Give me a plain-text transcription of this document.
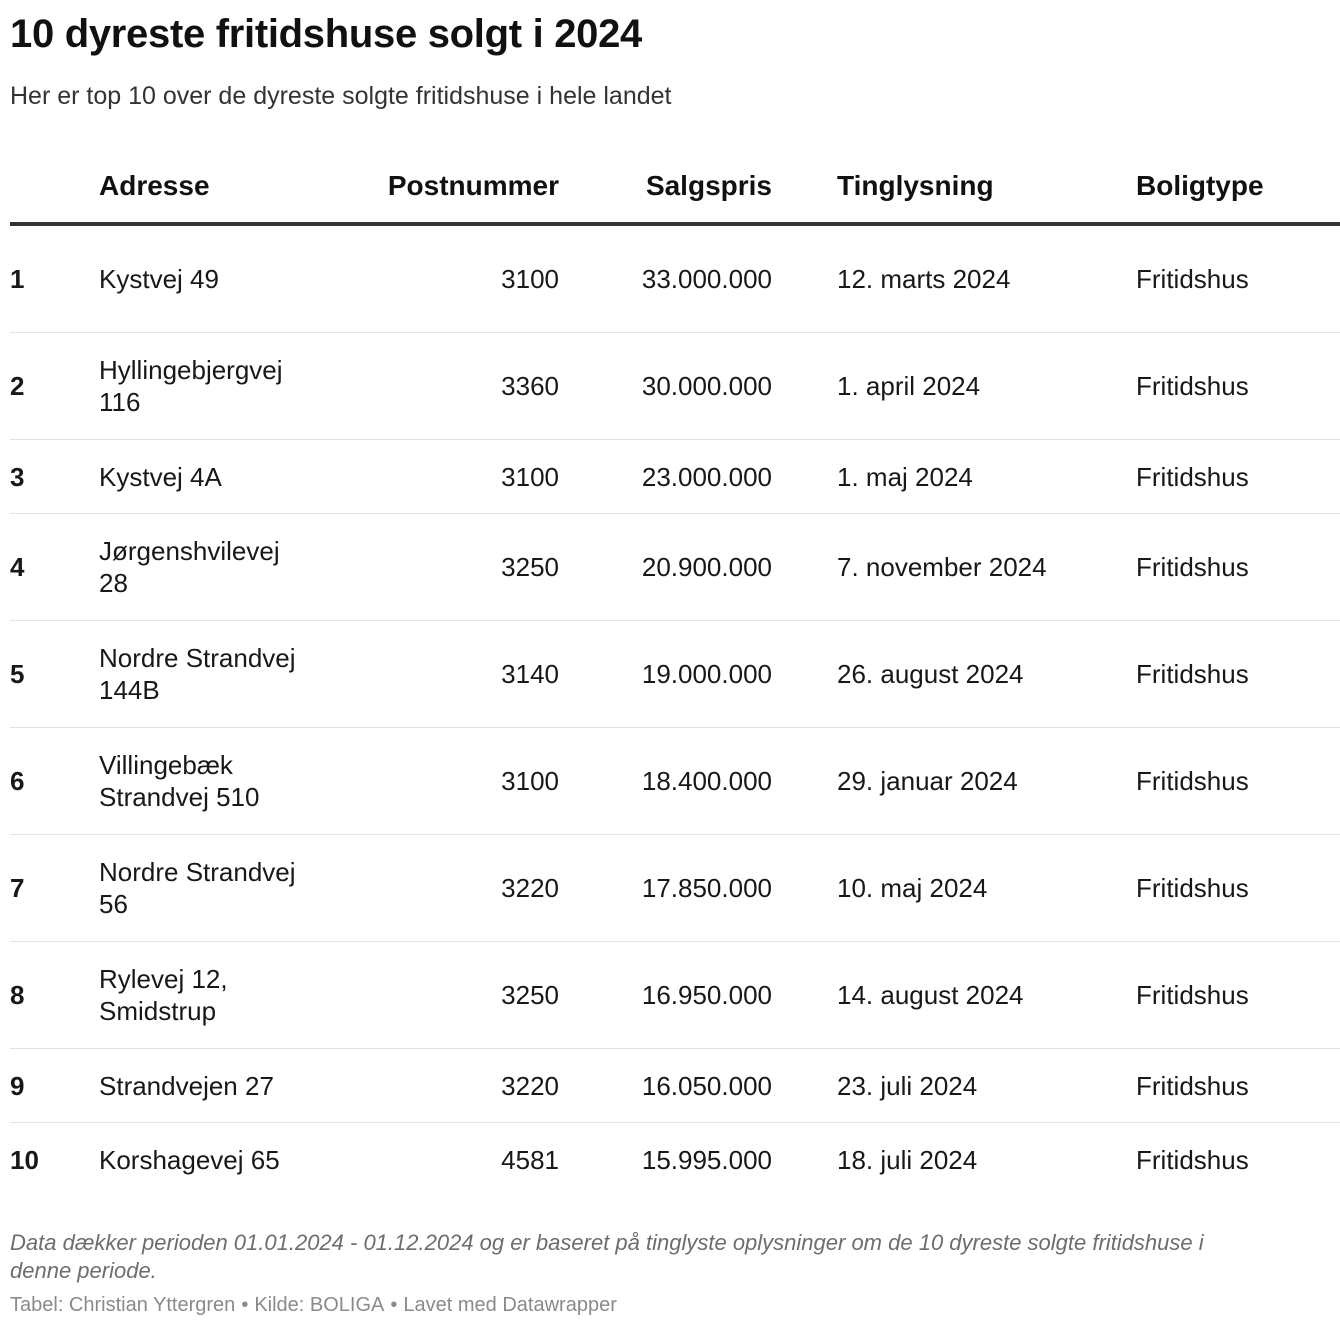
10 dyreste fritidshuse solgt i 2024

Her er top 10 over de dyreste solgte fritidshuse i hele landet

	Adresse	Postnummer	Salgspris	Tinglysning	Boligtype
1	Kystvej 49	3100	33.000.000	12. marts 2024	Fritidshus
2	Hyllingebjergvej 116	3360	30.000.000	1. april 2024	Fritidshus
3	Kystvej 4A	3100	23.000.000	1. maj 2024	Fritidshus
4	Jørgenshvilevej 28	3250	20.900.000	7. november 2024	Fritidshus
5	Nordre Strandvej 144B	3140	19.000.000	26. august 2024	Fritidshus
6	Villingebæk Strandvej 510	3100	18.400.000	29. januar 2024	Fritidshus
7	Nordre Strandvej 56	3220	17.850.000	10. maj 2024	Fritidshus
8	Rylevej 12, Smidstrup	3250	16.950.000	14. august 2024	Fritidshus
9	Strandvejen 27	3220	16.050.000	23. juli 2024	Fritidshus
10	Korshagevej 65	4581	15.995.000	18. juli 2024	Fritidshus

Data dækker perioden 01.01.2024 - 01.12.2024 og er baseret på tinglyste oplysninger om de 10 dyreste solgte fritidshuse i denne periode.

Tabel: Christian Yttergren • Kilde: BOLIGA • Lavet med Datawrapper
